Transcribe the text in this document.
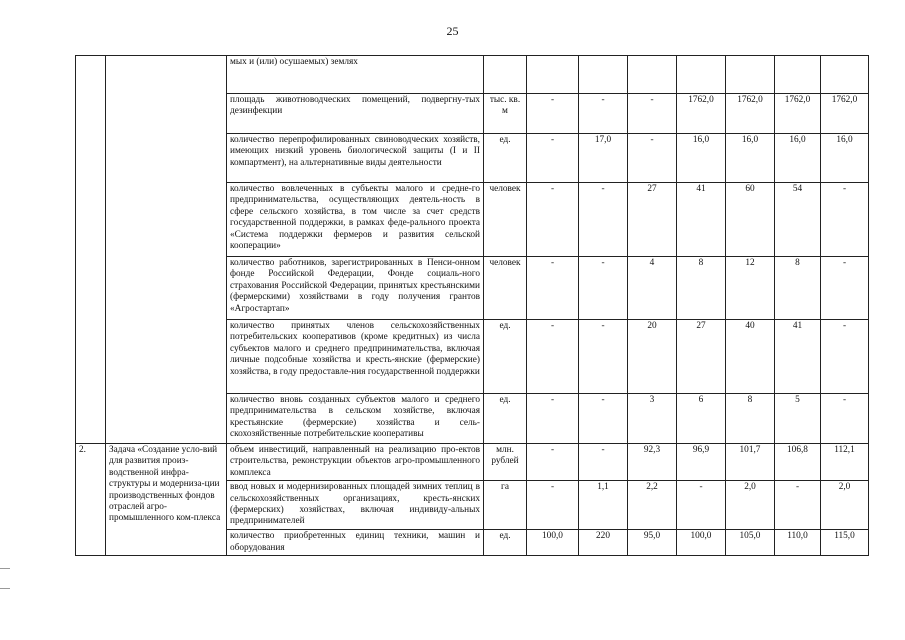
25
		мых и (или) осушаемых) землях								
		площадь животноводческих помещений, подвергну-тых дезинфекции	тыс. кв. м	-	-	-	1762,0	1762,0	1762,0	1762,0
		количество перепрофилированных свиноводческих хозяйств, имеющих низкий уровень биологической защиты (I и II компартмент), на альтернативные виды деятельности	ед.	-	17,0	-	16,0	16,0	16,0	16,0
		количество вовлеченных в субъекты малого и средне-го предпринимательства, осуществляющих деятель-ность в сфере сельского хозяйства, в том числе за счет средств государственной поддержки, в рамках феде-рального проекта «Система поддержки фермеров и развития сельской кооперации»	человек	-	-	27	41	60	54	-
		количество работников, зарегистрированных в Пенси-онном фонде Российской Федерации, Фонде социаль-ного страхования Российской Федерации, принятых крестьянскими (фермерскими) хозяйствами в году получения грантов «Агростартап»	человек	-	-	4	8	12	8	-
		количество принятых членов сельскохозяйственных потребительских кооперативов (кроме кредитных) из числа субъектов малого и среднего предпринимательства, включая личные подсобные хозяйства и кресть-янские (фермерские) хозяйства, в году предоставле-ния государственной поддержки	ед.	-	-	20	27	40	41	-
		количество вновь созданных субъектов малого и среднего предпринимательства в сельском хозяйстве, включая крестьянские (фермерские) хозяйства и сель-скохозяйственные потребительские кооперативы	ед.	-	-	3	6	8	5	-
2.	Задача «Создание усло-вий для развития произ-водственной инфра-структуры и модерниза-ции производственных фондов отраслей агро-промышленного ком-плекса	объем инвестиций, направленный на реализацию про-ектов строительства, реконструкции объектов агро-промышленного комплекса	млн. рублей	-	-	92,3	96,9	101,7	106,8	112,1
		ввод новых и модернизированных площадей зимних теплиц в сельскохозяйственных организациях, кресть-янских (фермерских) хозяйствах, включая индивиду-альных предпринимателей	га	-	1,1	2,2	-	2,0	-	2,0
		количество приобретенных единиц техники, машин и оборудования	ед.	100,0	220	95,0	100,0	105,0	110,0	115,0
